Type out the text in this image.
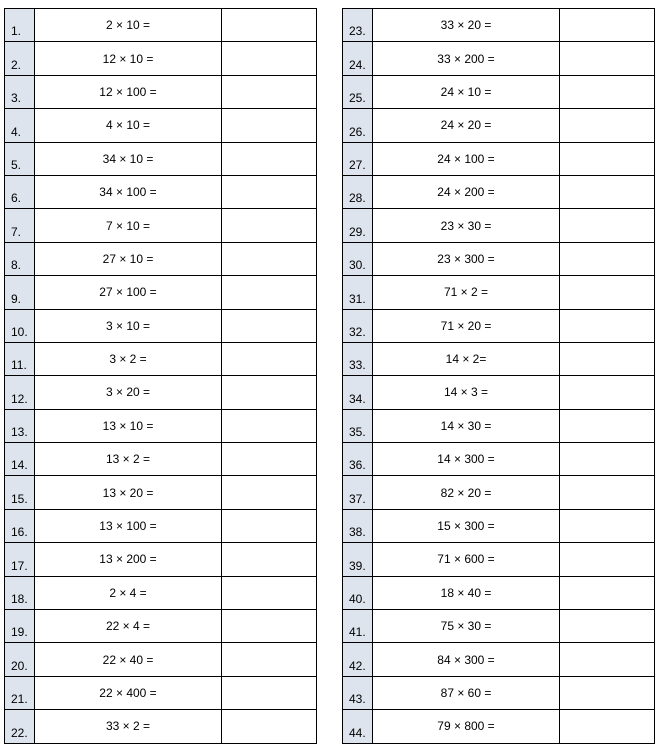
1.	2 × 10 =	
2.	12 × 10 =	
3.	12 × 100 =	
4.	4 × 10 =	
5.	34 × 10 =	
6.	34 × 100 =	
7.	7 × 10 =	
8.	27 × 10 =	
9.	27 × 100 =	
10.	3 × 10 =	
11.	3 × 2 =	
12.	3 × 20 =	
13.	13 × 10 =	
14.	13 × 2 =	
15.	13 × 20 =	
16.	13 × 100 =	
17.	13 × 200 =	
18.	2 × 4 =	
19.	22 × 4 =	
20.	22 × 40 =	
21.	22 × 400 =	
22.	33 × 2 =	
23.	33 × 20 =	
24.	33 × 200 =	
25.	24 × 10 =	
26.	24 × 20 =	
27.	24 × 100 =	
28.	24 × 200 =	
29.	23 × 30 =	
30.	23 × 300 =	
31.	71 × 2 =	
32.	71 × 20 =	
33.	14 × 2=	
34.	14 × 3 =	
35.	14 × 30 =	
36.	14 × 300 =	
37.	82 × 20 =	
38.	15 × 300 =	
39.	71 × 600 =	
40.	18 × 40 =	
41.	75 × 30 =	
42.	84 × 300 =	
43.	87 × 60 =	
44.	79 × 800 =	
